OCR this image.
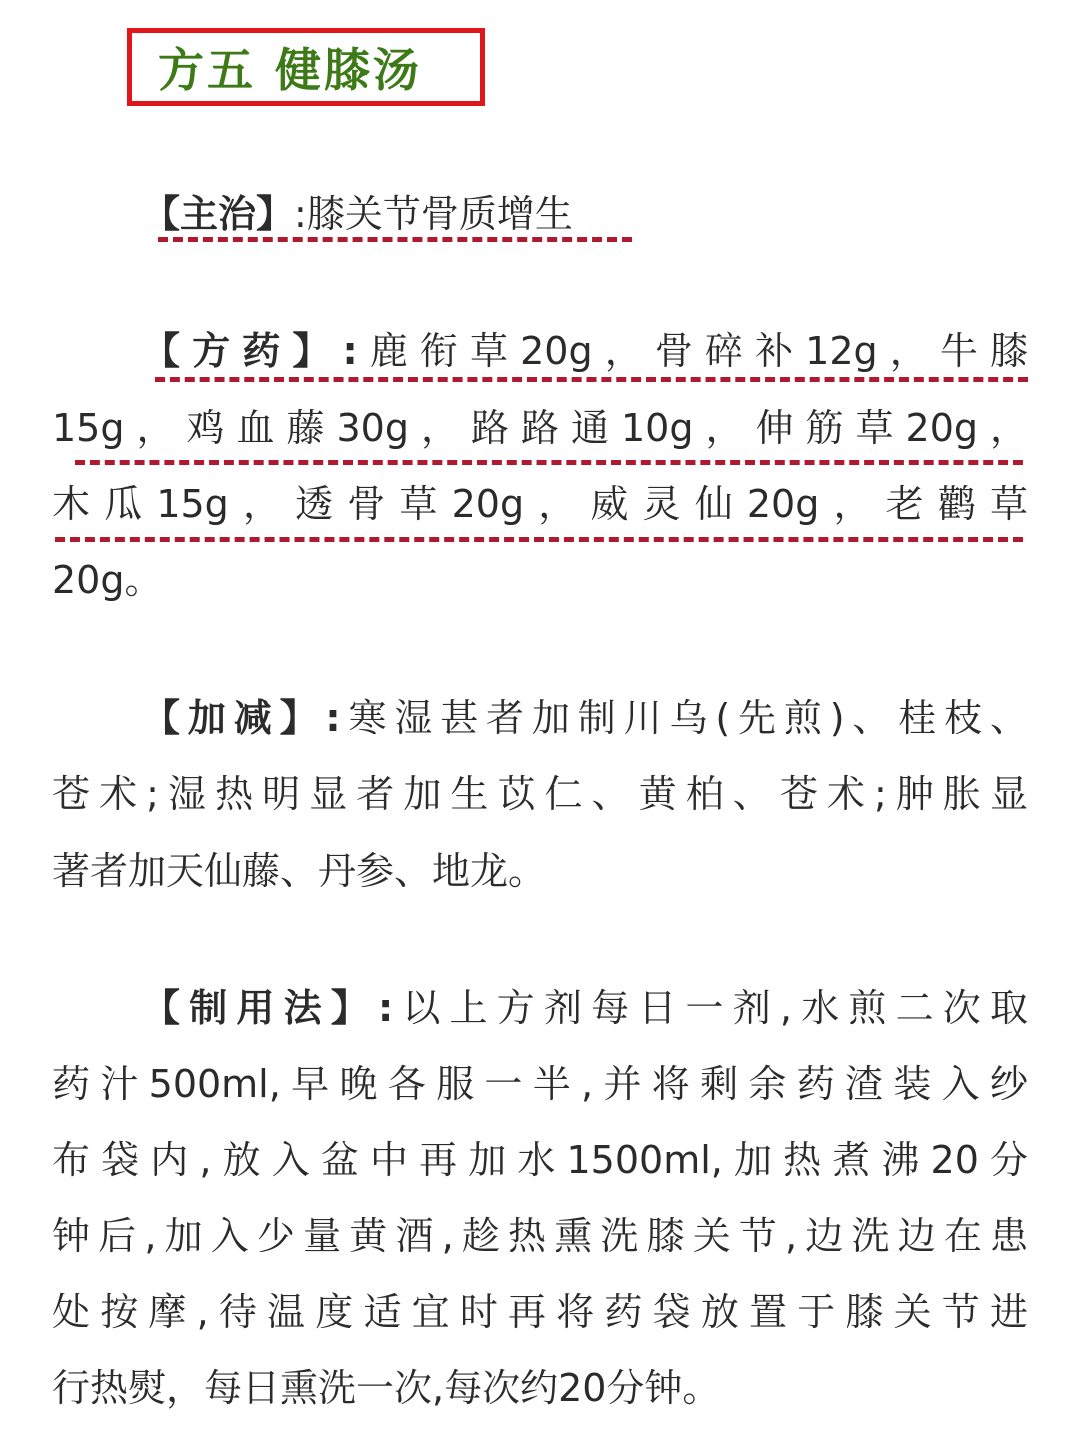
方五 健膝汤
【主治】:膝关节骨质增生
【方药】:鹿衔草20g，骨碎补12g，牛膝
15g，鸡血藤30g，路路通10g，伸筋草20g，
木瓜15g，透骨草20g，威灵仙20g，老鹳草
20g。
【加减】:寒湿甚者加制川乌(先煎)、桂枝、
苍术;湿热明显者加生苡仁、黄柏、苍术;肿胀显
著者加天仙藤、丹参、地龙。
【制用法】:以上方剂每日一剂,水煎二次取
药汁500ml,早晚各服一半,并将剩余药渣装入纱
布袋内,放入盆中再加水1500ml,加热煮沸20分
钟后,加入少量黄酒,趁热熏洗膝关节,边洗边在患
处按摩,待温度适宜时再将药袋放置于膝关节进
行热熨，每日熏洗一次,每次约20分钟。
